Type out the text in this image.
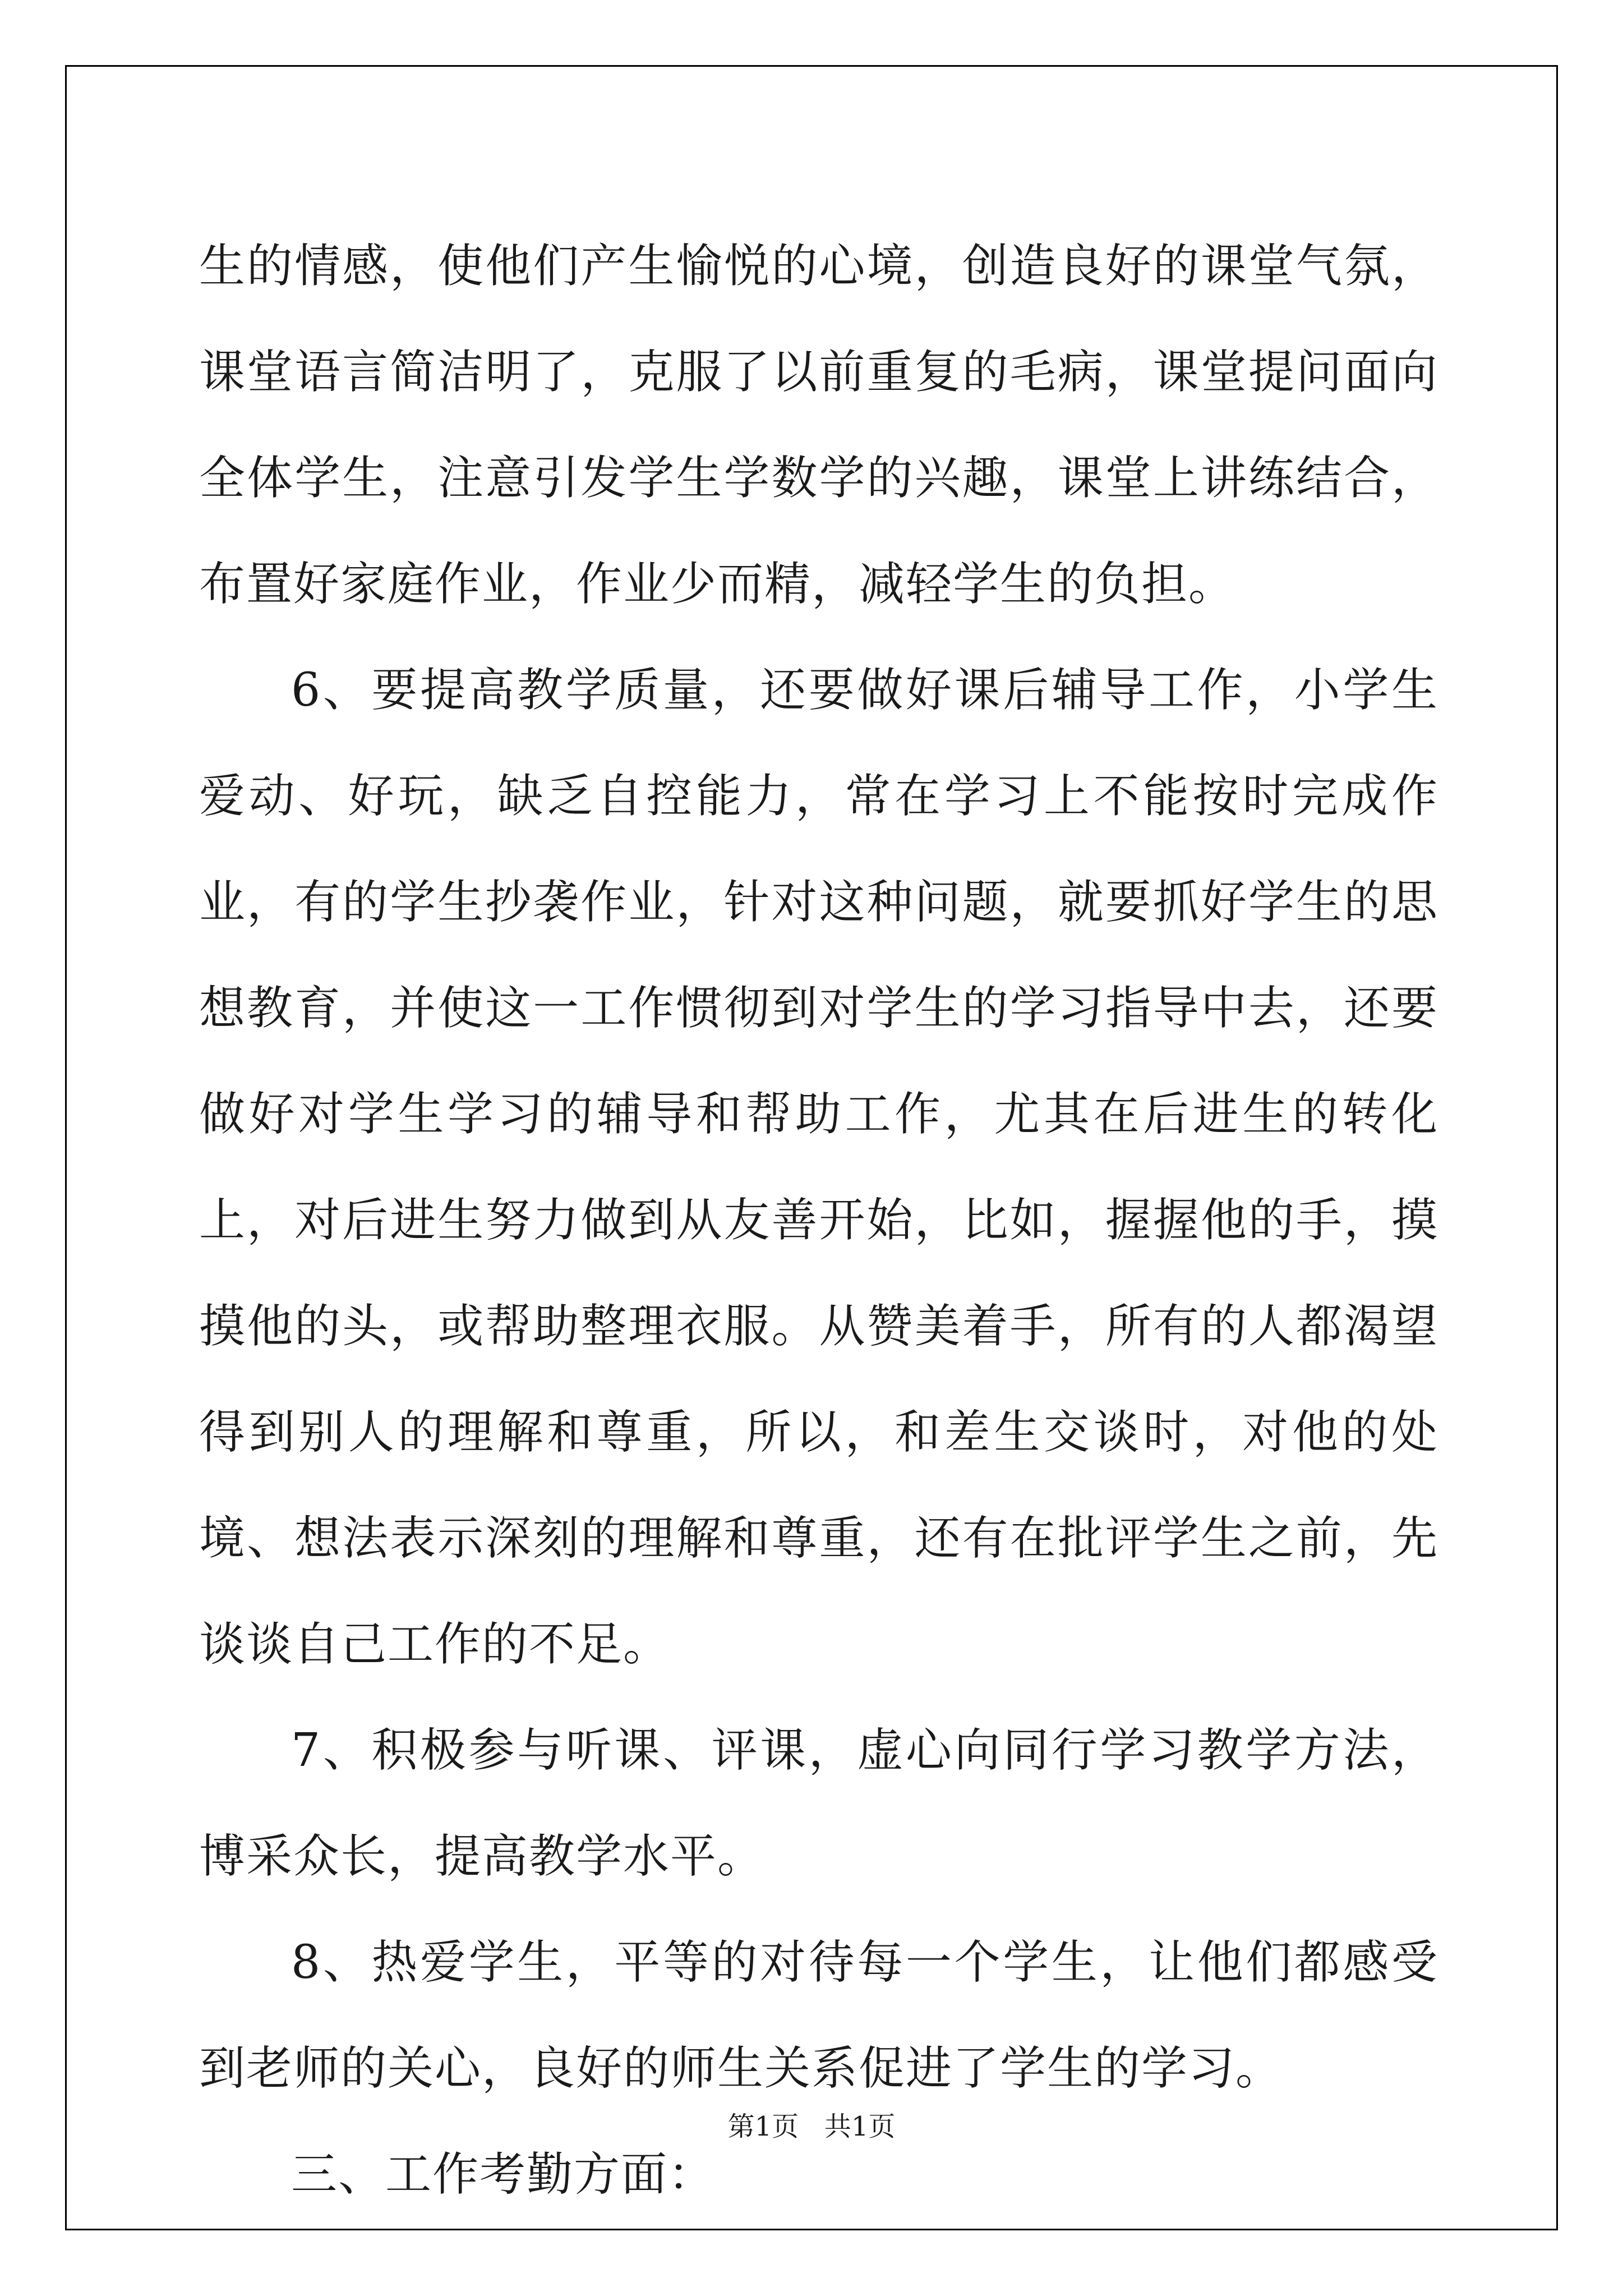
生的情感，使他们产生愉悦的心境，创造良好的课堂气氛，课堂语言简洁明了，克服了以前重复的毛病，课堂提问面向全体学生，注意引发学生学数学的兴趣，课堂上讲练结合，布置好家庭作业，作业少而精，减轻学生的负担。

6、要提高教学质量，还要做好课后辅导工作，小学生爱动、好玩，缺乏自控能力，常在学习上不能按时完成作业，有的学生抄袭作业，针对这种问题，就要抓好学生的思想教育，并使这一工作惯彻到对学生的学习指导中去，还要做好对学生学习的辅导和帮助工作，尤其在后进生的转化上，对后进生努力做到从友善开始，比如，握握他的手，摸摸他的头，或帮助整理衣服。从赞美着手，所有的人都渴望得到别人的理解和尊重，所以，和差生交谈时，对他的处境、想法表示深刻的理解和尊重，还有在批评学生之前，先谈谈自己工作的不足。

7、积极参与听课、评课，虚心向同行学习教学方法，博采众长，提高教学水平。

8、热爱学生，平等的对待每一个学生，让他们都感受到老师的关心，良好的师生关系促进了学生的学习。

三、工作考勤方面：

第1页   共1页
